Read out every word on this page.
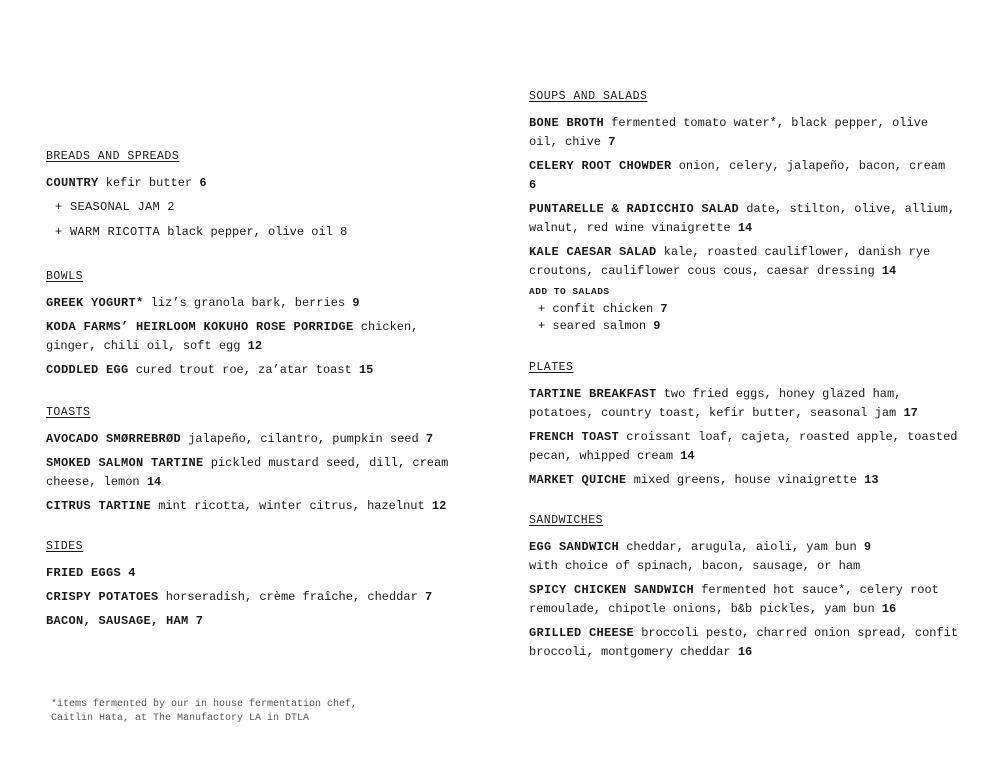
BREADS AND SPREADS
COUNTRY kefir butter 6
+ SEASONAL JAM 2
+ WARM RICOTTA black pepper, olive oil 8
BOWLS
GREEK YOGURT* liz’s granola bark, berries 9
KODA FARMS’ HEIRLOOM KOKUHO ROSE PORRIDGE chicken, ginger, chili oil, soft egg 12
CODDLED EGG cured trout roe, za’atar toast 15
TOASTS
AVOCADO SMØRREBRØD jalapeño, cilantro, pumpkin seed 7
SMOKED SALMON TARTINE pickled mustard seed, dill, cream cheese, lemon 14
CITRUS TARTINE mint ricotta, winter citrus, hazelnut 12
SIDES
FRIED EGGS 4
CRISPY POTATOES horseradish, crème fraîche, cheddar 7
BACON, SAUSAGE, HAM 7
SOUPS AND SALADS
BONE BROTH fermented tomato water*, black pepper, olive oil, chive 7
CELERY ROOT CHOWDER onion, celery, jalapeño, bacon, cream 6
PUNTARELLE & RADICCHIO SALAD date, stilton, olive, allium, walnut, red wine vinaigrette 14
KALE CAESAR SALAD kale, roasted cauliflower, danish rye croutons, cauliflower cous cous, caesar dressing 14
ADD TO SALADS
+ confit chicken 7
+ seared salmon 9
PLATES
TARTINE BREAKFAST two fried eggs, honey glazed ham, potatoes, country toast, kefir butter, seasonal jam 17
FRENCH TOAST croissant loaf, cajeta, roasted apple, toasted pecan, whipped cream 14
MARKET QUICHE mixed greens, house vinaigrette 13
SANDWICHES
EGG SANDWICH cheddar, arugula, aioli, yam bun 9
with choice of spinach, bacon, sausage, or ham
SPICY CHICKEN SANDWICH fermented hot sauce*, celery root remoulade, chipotle onions, b&b pickles, yam bun 16
GRILLED CHEESE broccoli pesto, charred onion spread, confit broccoli, montgomery cheddar 16
*items fermented by our in house fermentation chef,
Caitlin Hata, at The Manufactory LA in DTLA
